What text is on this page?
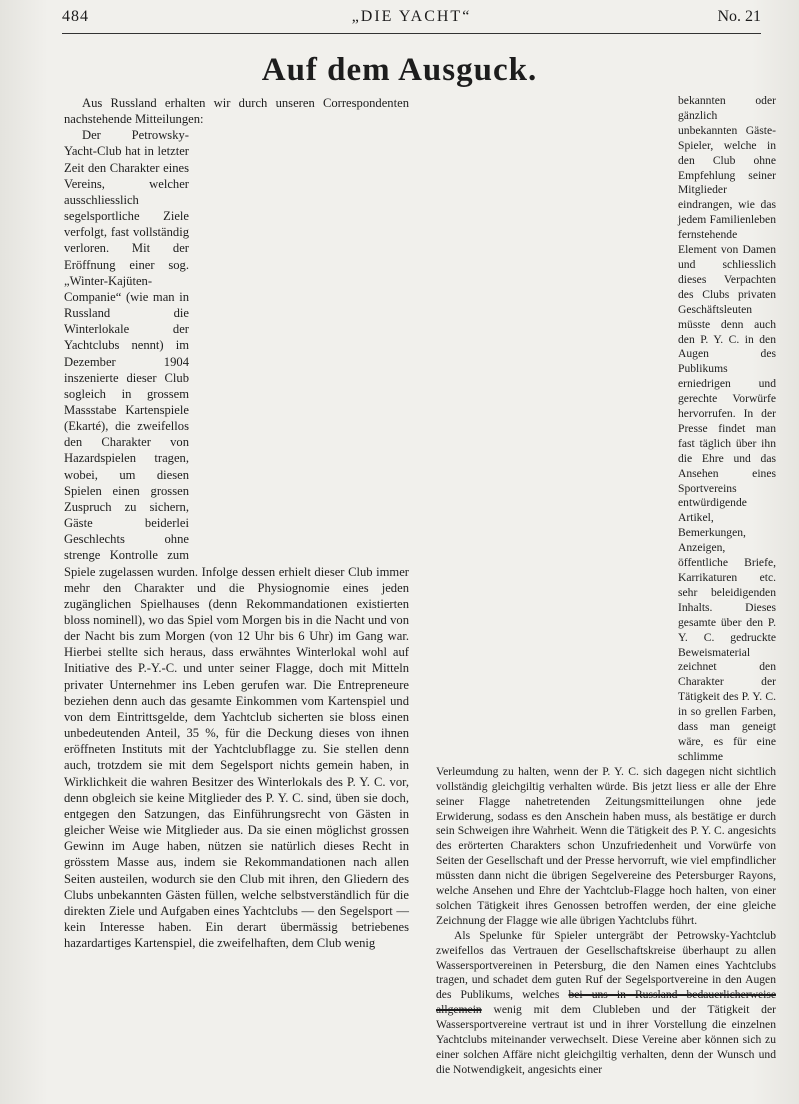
484	„DIE YACHT“	No. 21
Auf dem Ausguck.

Aus Russland erhalten wir durch unseren Correspondenten nachstehende Mitteilungen:

Der Petrowsky-Yacht-Club hat in letzter Zeit den Charakter eines Vereins, welcher ausschliesslich segelsportliche Ziele verfolgt, fast vollständig verloren. Mit der Eröffnung einer sog. „Winter-Kajüten-Companie“ (wie man in Russland die Winterlokale der Yachtclubs nennt) im Dezember 1904 inszenierte dieser Club sogleich in grossem Massstabe Kartenspiele (Ekarté), die zweifellos den Charakter von Hazardspielen tragen, wobei, um diesen Spielen einen grossen Zuspruch zu sichern, Gäste beiderlei Geschlechts ohne strenge Kontrolle zum Spiele zugelassen wurden. Infolge dessen erhielt dieser Club immer mehr den Charakter und die Physiognomie eines jeden zugänglichen Spielhauses (denn Rekommandationen existierten bloss nominell), wo das Spiel vom Morgen bis in die Nacht und von der Nacht bis zum Morgen (von 12 Uhr bis 6 Uhr) im Gang war. Hierbei stellte sich heraus, dass erwähntes Winterlokal wohl auf Initiative des P.-Y.-C. und unter seiner Flagge, doch mit Mitteln privater Unternehmer ins Leben gerufen war. Die Entrepreneure beziehen denn auch das gesamte Einkommen vom Kartenspiel und von dem Eintrittsgelde, dem Yachtclub sicherten sie bloss einen unbedeutenden Anteil, 35 %, für die Deckung dieses von ihnen eröffneten Instituts mit der Yachtclubflagge zu. Sie stellen denn auch, trotzdem sie mit dem Segelsport nichts gemein haben, in Wirklichkeit die wahren Besitzer des Winterlokals des P. Y. C. vor, denn obgleich sie keine Mitglieder des P. Y. C. sind, üben sie doch, entgegen den Satzungen, das Einführungsrecht von Gästen in gleicher Weise wie Mitglieder aus. Da sie einen möglichst grossen Gewinn im Auge haben, nützen sie natürlich dieses Recht in grösstem Masse aus, indem sie Rekommandationen nach allen Seiten austeilen, wodurch sie den Club mit ihren, den Gliedern des Clubs unbekannten Gästen füllen, welche selbstverständlich für die direkten Ziele und Aufgaben eines Yachtclubs — den Segelsport — kein Interesse haben. Ein derart übermässig betriebenes hazardartiges Kartenspiel, die zweifelhaften, dem Club wenig

bekannten oder gänzlich unbekannten Gäste-Spieler, welche in den Club ohne Empfehlung seiner Mitglieder eindrangen, wie das jedem Familienleben fernstehende Element von Damen und schliesslich dieses Verpachten des Clubs privaten Geschäftsleuten müsste denn auch den P. Y. C. in den Augen des Publikums erniedrigen und gerechte Vorwürfe hervorrufen. In der Presse findet man fast täglich über ihn die Ehre und das Ansehen eines Sportvereins entwürdigende Artikel, Bemerkungen, Anzeigen, öffentliche Briefe, Karrikaturen etc. sehr beleidigenden Inhalts. Dieses gesamte über den P. Y. C. gedruckte Beweismaterial zeichnet den Charakter der Tätigkeit des P. Y. C. in so grellen Farben, dass man geneigt wäre, es für eine schlimme Verleumdung zu halten, wenn der P. Y. C. sich dagegen nicht sichtlich vollständig gleichgiltig verhalten würde. Bis jetzt liess er alle der Ehre seiner Flagge nahetretenden Zeitungsmitteilungen ohne jede Erwiderung, sodass es den Anschein haben muss, als bestätige er durch sein Schweigen ihre Wahrheit. Wenn die Tätigkeit des P. Y. C. angesichts des erörterten Charakters schon Unzufriedenheit und Vorwürfe von Seiten der Gesellschaft und der Presse hervorruft, wie viel empfindlicher müssten dann nicht die übrigen Segelvereine des Petersburger Rayons, welche Ansehen und Ehre der Yachtclub-Flagge hoch halten, von einer solchen Tätigkeit ihres Genossen betroffen werden, der eine gleiche Zeichnung der Flagge wie alle übrigen Yachtclubs führt.

Als Spelunke für Spieler untergräbt der Petrowsky-Yachtclub zweifellos das Vertrauen der Gesellschaftskreise überhaupt zu allen Wassersportvereinen in Petersburg, die den Namen eines Yachtclubs tragen, und schadet dem guten Ruf der Segelsportvereine in den Augen des Publikums, welches bei uns in Russland bedauerlicherweise allgemein wenig mit dem Clubleben und der Tätigkeit der Wassersportvereine vertraut ist und in ihrer Vorstellung die einzelnen Yachtclubs miteinander verwechselt. Diese Vereine aber können sich zu einer solchen Affäre nicht gleichgiltig verhalten, denn der Wunsch und die Notwendigkeit, angesichts einer
